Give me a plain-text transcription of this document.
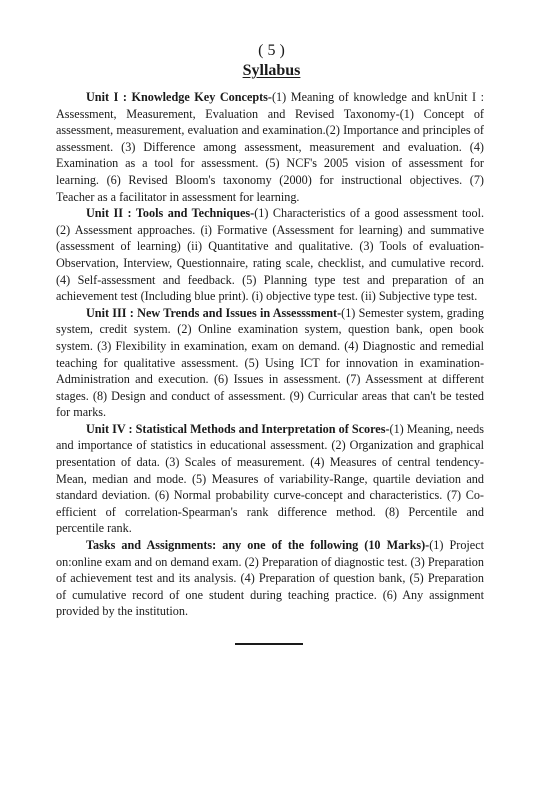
( 5 )
Syllabus

Unit I : Knowledge Key Concepts-(1) Meaning of knowledge and knUnit I : Assessment, Measurement, Evaluation and Revised Taxonomy-(1) Concept of assessment, measurement, evaluation and examination.(2) Importance and principles of assessment. (3) Difference among assessment, measurement and evaluation. (4) Examination as a tool for assessment. (5) NCF's 2005 vision of assessment for learning. (6) Revised Bloom's taxonomy (2000) for instructional objectives. (7) Teacher as a facilitator in assessment for learning.

Unit II : Tools and Techniques-(1) Characteristics of a good assessment tool. (2) Assessment approaches. (i) Formative (Assessment for learning) and summative (assessment of learning) (ii) Quantitative and qualitative. (3) Tools of evaluation-Observation, Interview, Questionnaire, rating scale, checklist, and cumulative record. (4) Self-assessment and feedback. (5) Planning type test and preparation of an achievement test (Including blue print). (i) objective type test. (ii) Subjective type test.

Unit III : New Trends and Issues in Assesssment-(1) Semester system, grading system, credit system. (2) Online examination system, question bank, open book system. (3) Flexibility in examination, exam on demand. (4) Diagnostic and remedial teaching for qualitative assessment. (5) Using ICT for innovation in examination-Administration and execution. (6) Issues in assessment. (7) Assessment at different stages. (8) Design and conduct of assessment. (9) Curricular areas that can't be tested for marks.

Unit IV : Statistical Methods and Interpretation of Scores-(1) Meaning, needs and importance of statistics in educational assessment. (2) Organization and graphical presentation of data. (3) Scales of measurement. (4) Measures of central tendency-Mean, median and mode. (5) Measures of variability-Range, quartile deviation and standard deviation. (6) Normal probability curve-concept and characteristics. (7) Co-efficient of correlation-Spearman's rank difference method. (8) Percentile and percentile rank.

Tasks and Assignments: any one of the following (10 Marks)-(1) Project on:online exam and on demand exam. (2) Preparation of diagnostic test. (3) Preparation of achievement test and its analysis. (4) Preparation of question bank, (5) Preparation of cumulative record of one student during teaching practice. (6) Any assignment provided by the institution.
